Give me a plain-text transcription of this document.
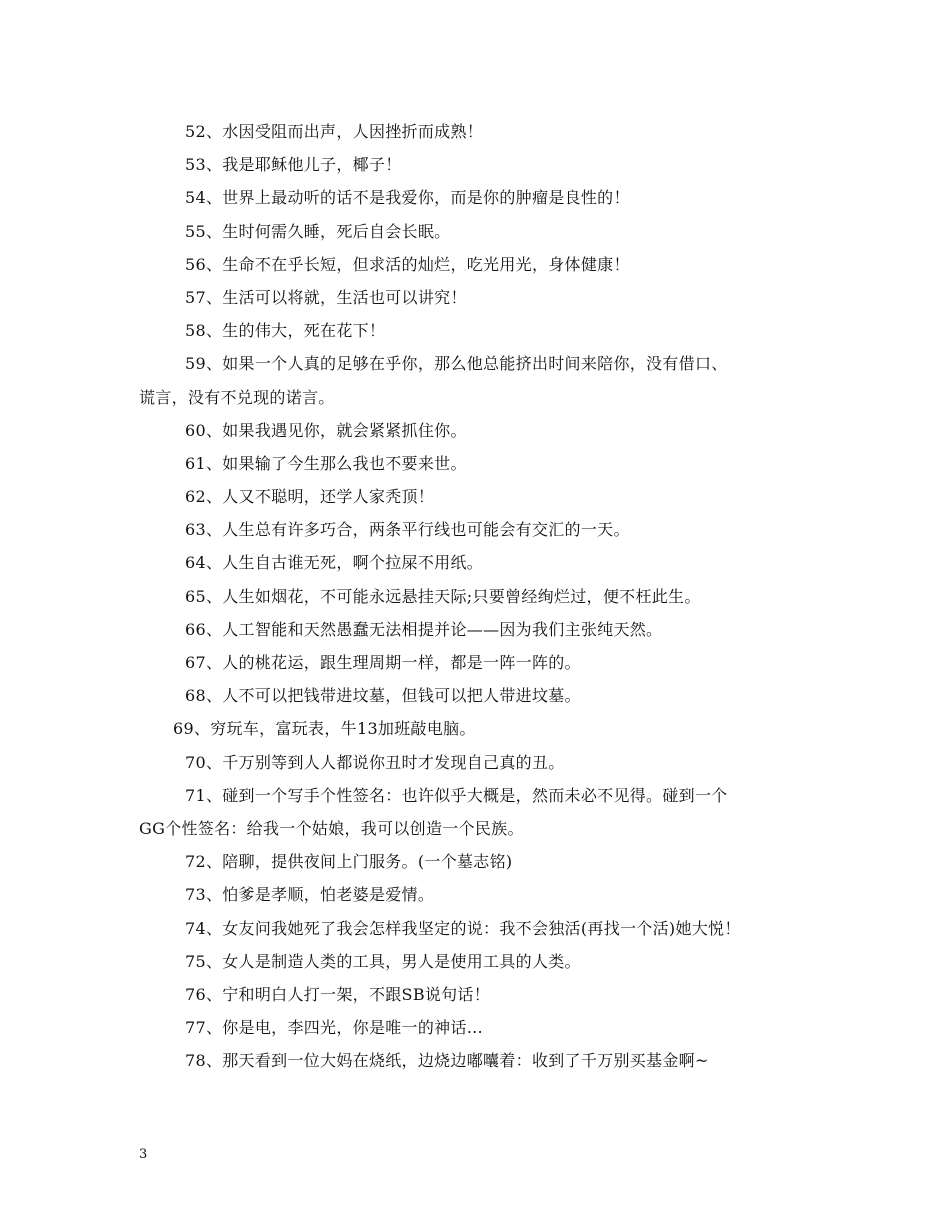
52、水因受阻而出声，人因挫折而成熟！
53、我是耶稣他儿子，椰子！
54、世界上最动听的话不是我爱你，而是你的肿瘤是良性的！
55、生时何需久睡，死后自会长眠。
56、生命不在乎长短，但求活的灿烂，吃光用光，身体健康！
57、生活可以将就，生活也可以讲究！
58、生的伟大，死在花下！
59、如果一个人真的足够在乎你，那么他总能挤出时间来陪你，没有借口、
谎言，没有不兑现的诺言。
60、如果我遇见你，就会紧紧抓住你。
61、如果输了今生那么我也不要来世。
62、人又不聪明，还学人家秃顶！
63、人生总有许多巧合，两条平行线也可能会有交汇的一天。
64、人生自古谁无死，啊个拉屎不用纸。
65、人生如烟花，不可能永远悬挂天际;只要曾经绚烂过，便不枉此生。
66、人工智能和天然愚蠢无法相提并论——因为我们主张纯天然。
67、人的桃花运，跟生理周期一样，都是一阵一阵的。
68、人不可以把钱带进坟墓，但钱可以把人带进坟墓。
69、穷玩车，富玩表，牛13加班敲电脑。
70、千万别等到人人都说你丑时才发现自己真的丑。
71、碰到一个写手个性签名：也许似乎大概是，然而未必不见得。碰到一个
GG个性签名：给我一个姑娘，我可以创造一个民族。
72、陪聊，提供夜间上门服务。(一个墓志铭)
73、怕爹是孝顺，怕老婆是爱情。
74、女友问我她死了我会怎样我坚定的说：我不会独活(再找一个活)她大悦！
75、女人是制造人类的工具，男人是使用工具的人类。
76、宁和明白人打一架，不跟SB说句话！
77、你是电，李四光，你是唯一的神话…
78、那天看到一位大妈在烧纸，边烧边嘟囔着：收到了千万别买基金啊~
3
